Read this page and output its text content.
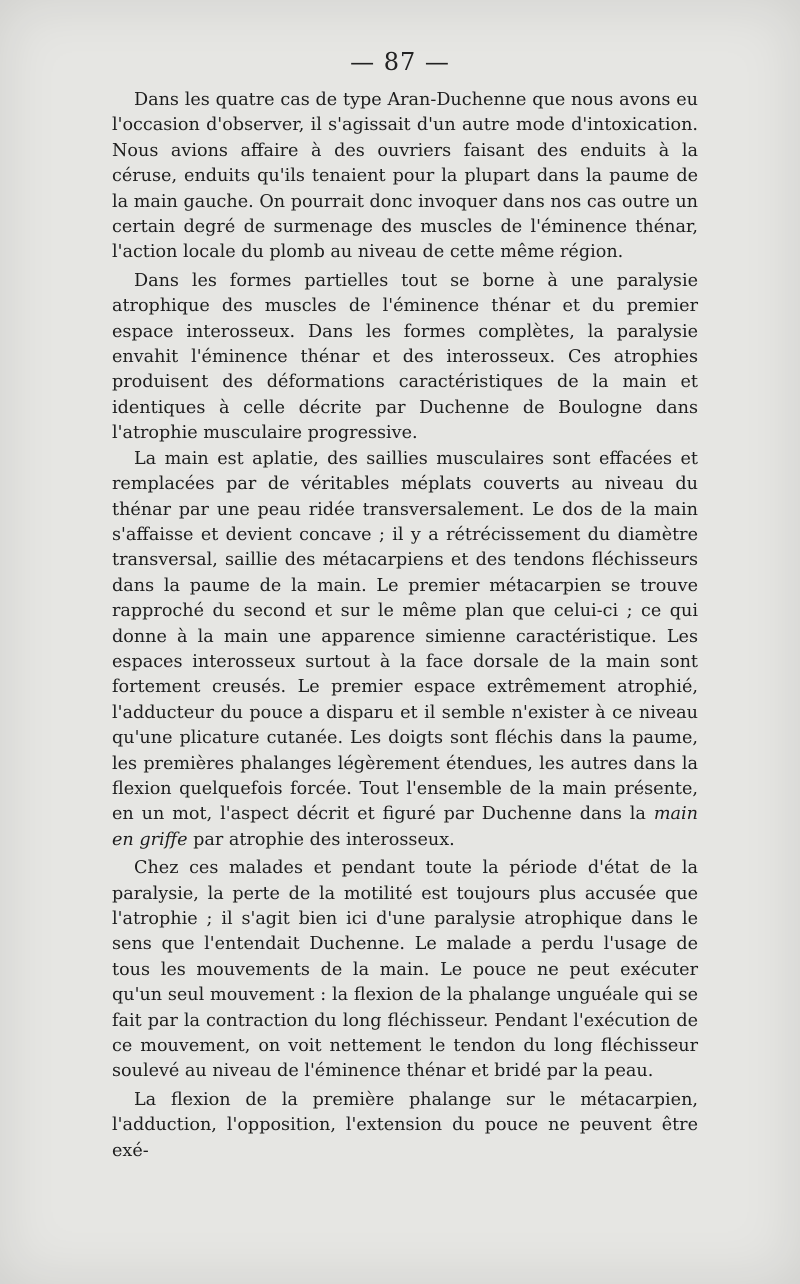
— 87 —

Dans les quatre cas de type Aran-Duchenne que nous avons eu l'occasion d'observer, il s'agissait d'un autre mode d'intoxication. Nous avions affaire à des ouvriers faisant des enduits à la céruse, enduits qu'ils tenaient pour la plupart dans la paume de la main gauche. On pourrait donc invoquer dans nos cas outre un certain degré de surmenage des muscles de l'éminence thénar, l'action locale du plomb au niveau de cette même région.

Dans les formes partielles tout se borne à une paralysie atrophique des muscles de l'éminence thénar et du premier espace interosseux. Dans les formes complètes, la paralysie envahit l'éminence thénar et des interosseux. Ces atrophies produisent des déformations caractéristiques de la main et identiques à celle décrite par Duchenne de Boulogne dans l'atrophie musculaire progressive.

La main est aplatie, des saillies musculaires sont effacées et remplacées par de véritables méplats couverts au niveau du thénar par une peau ridée transversalement. Le dos de la main s'affaisse et devient concave ; il y a rétrécissement du diamètre transversal, saillie des métacarpiens et des tendons fléchisseurs dans la paume de la main. Le premier métacarpien se trouve rapproché du second et sur le même plan que celui-ci ; ce qui donne à la main une apparence simienne caractéristique. Les espaces interosseux surtout à la face dorsale de la main sont fortement creusés. Le premier espace extrêmement atrophié, l'adducteur du pouce a disparu et il semble n'exister à ce niveau qu'une plicature cutanée. Les doigts sont fléchis dans la paume, les premières phalanges légèrement étendues, les autres dans la flexion quelquefois forcée. Tout l'ensemble de la main présente, en un mot, l'aspect décrit et figuré par Duchenne dans la main en griffe par atrophie des interosseux.

Chez ces malades et pendant toute la période d'état de la paralysie, la perte de la motilité est toujours plus accusée que l'atrophie ; il s'agit bien ici d'une paralysie atrophique dans le sens que l'entendait Duchenne. Le malade a perdu l'usage de tous les mouvements de la main. Le pouce ne peut exécuter qu'un seul mouvement : la flexion de la phalange unguéale qui se fait par la contraction du long fléchisseur. Pendant l'exécution de ce mouvement, on voit nettement le tendon du long fléchisseur soulevé au niveau de l'éminence thénar et bridé par la peau.

La flexion de la première phalange sur le métacarpien, l'adduction, l'opposition, l'extension du pouce ne peuvent être exé-
